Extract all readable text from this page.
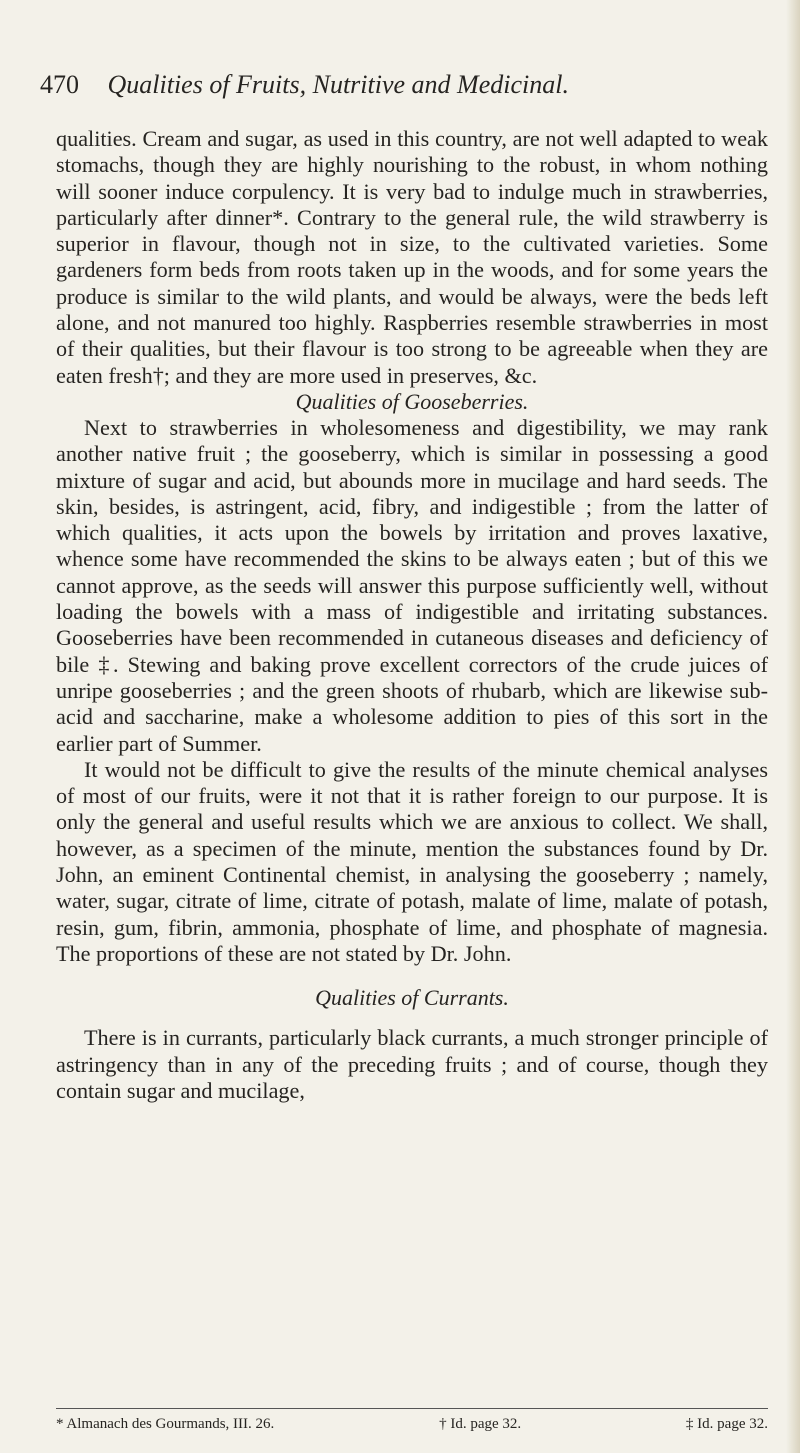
470 Qualities of Fruits, Nutritive and Medicinal.

qualities. Cream and sugar, as used in this country, are not well adapted to weak stomachs, though they are highly nourishing to the robust, in whom nothing will sooner induce corpulency. It is very bad to indulge much in strawberries, particularly after dinner*. Contrary to the general rule, the wild strawberry is superior in flavour, though not in size, to the cultivated varieties. Some gardeners form beds from roots taken up in the woods, and for some years the produce is similar to the wild plants, and would be always, were the beds left alone, and not manured too highly. Raspberries resemble strawberries in most of their qualities, but their flavour is too strong to be agreeable when they are eaten fresh†; and they are more used in preserves, &c.

Qualities of Gooseberries.

Next to strawberries in wholesomeness and digestibility, we may rank another native fruit ; the gooseberry, which is similar in possessing a good mixture of sugar and acid, but abounds more in mucilage and hard seeds. The skin, besides, is astringent, acid, fibry, and indigestible ; from the latter of which qualities, it acts upon the bowels by irritation and proves laxative, whence some have recommended the skins to be always eaten ; but of this we cannot approve, as the seeds will answer this purpose sufficiently well, without loading the bowels with a mass of indigestible and irritating substances. Gooseberries have been recommended in cutaneous diseases and deficiency of bile ‡. Stewing and baking prove excellent correctors of the crude juices of unripe gooseberries ; and the green shoots of rhubarb, which are likewise sub-acid and saccharine, make a wholesome addition to pies of this sort in the earlier part of Summer.

It would not be difficult to give the results of the minute chemical analyses of most of our fruits, were it not that it is rather foreign to our purpose. It is only the general and useful results which we are anxious to collect. We shall, however, as a specimen of the minute, mention the substances found by Dr. John, an eminent Continental chemist, in analysing the gooseberry ; namely, water, sugar, citrate of lime, citrate of potash, malate of lime, malate of potash, resin, gum, fibrin, ammonia, phosphate of lime, and phosphate of magnesia. The proportions of these are not stated by Dr. John.

Qualities of Currants.

There is in currants, particularly black currants, a much stronger principle of astringency than in any of the preceding fruits ; and of course, though they contain sugar and mucilage,

* Almanach des Gourmands, III. 26.	† Id. page 32.	‡ Id. page 32.
